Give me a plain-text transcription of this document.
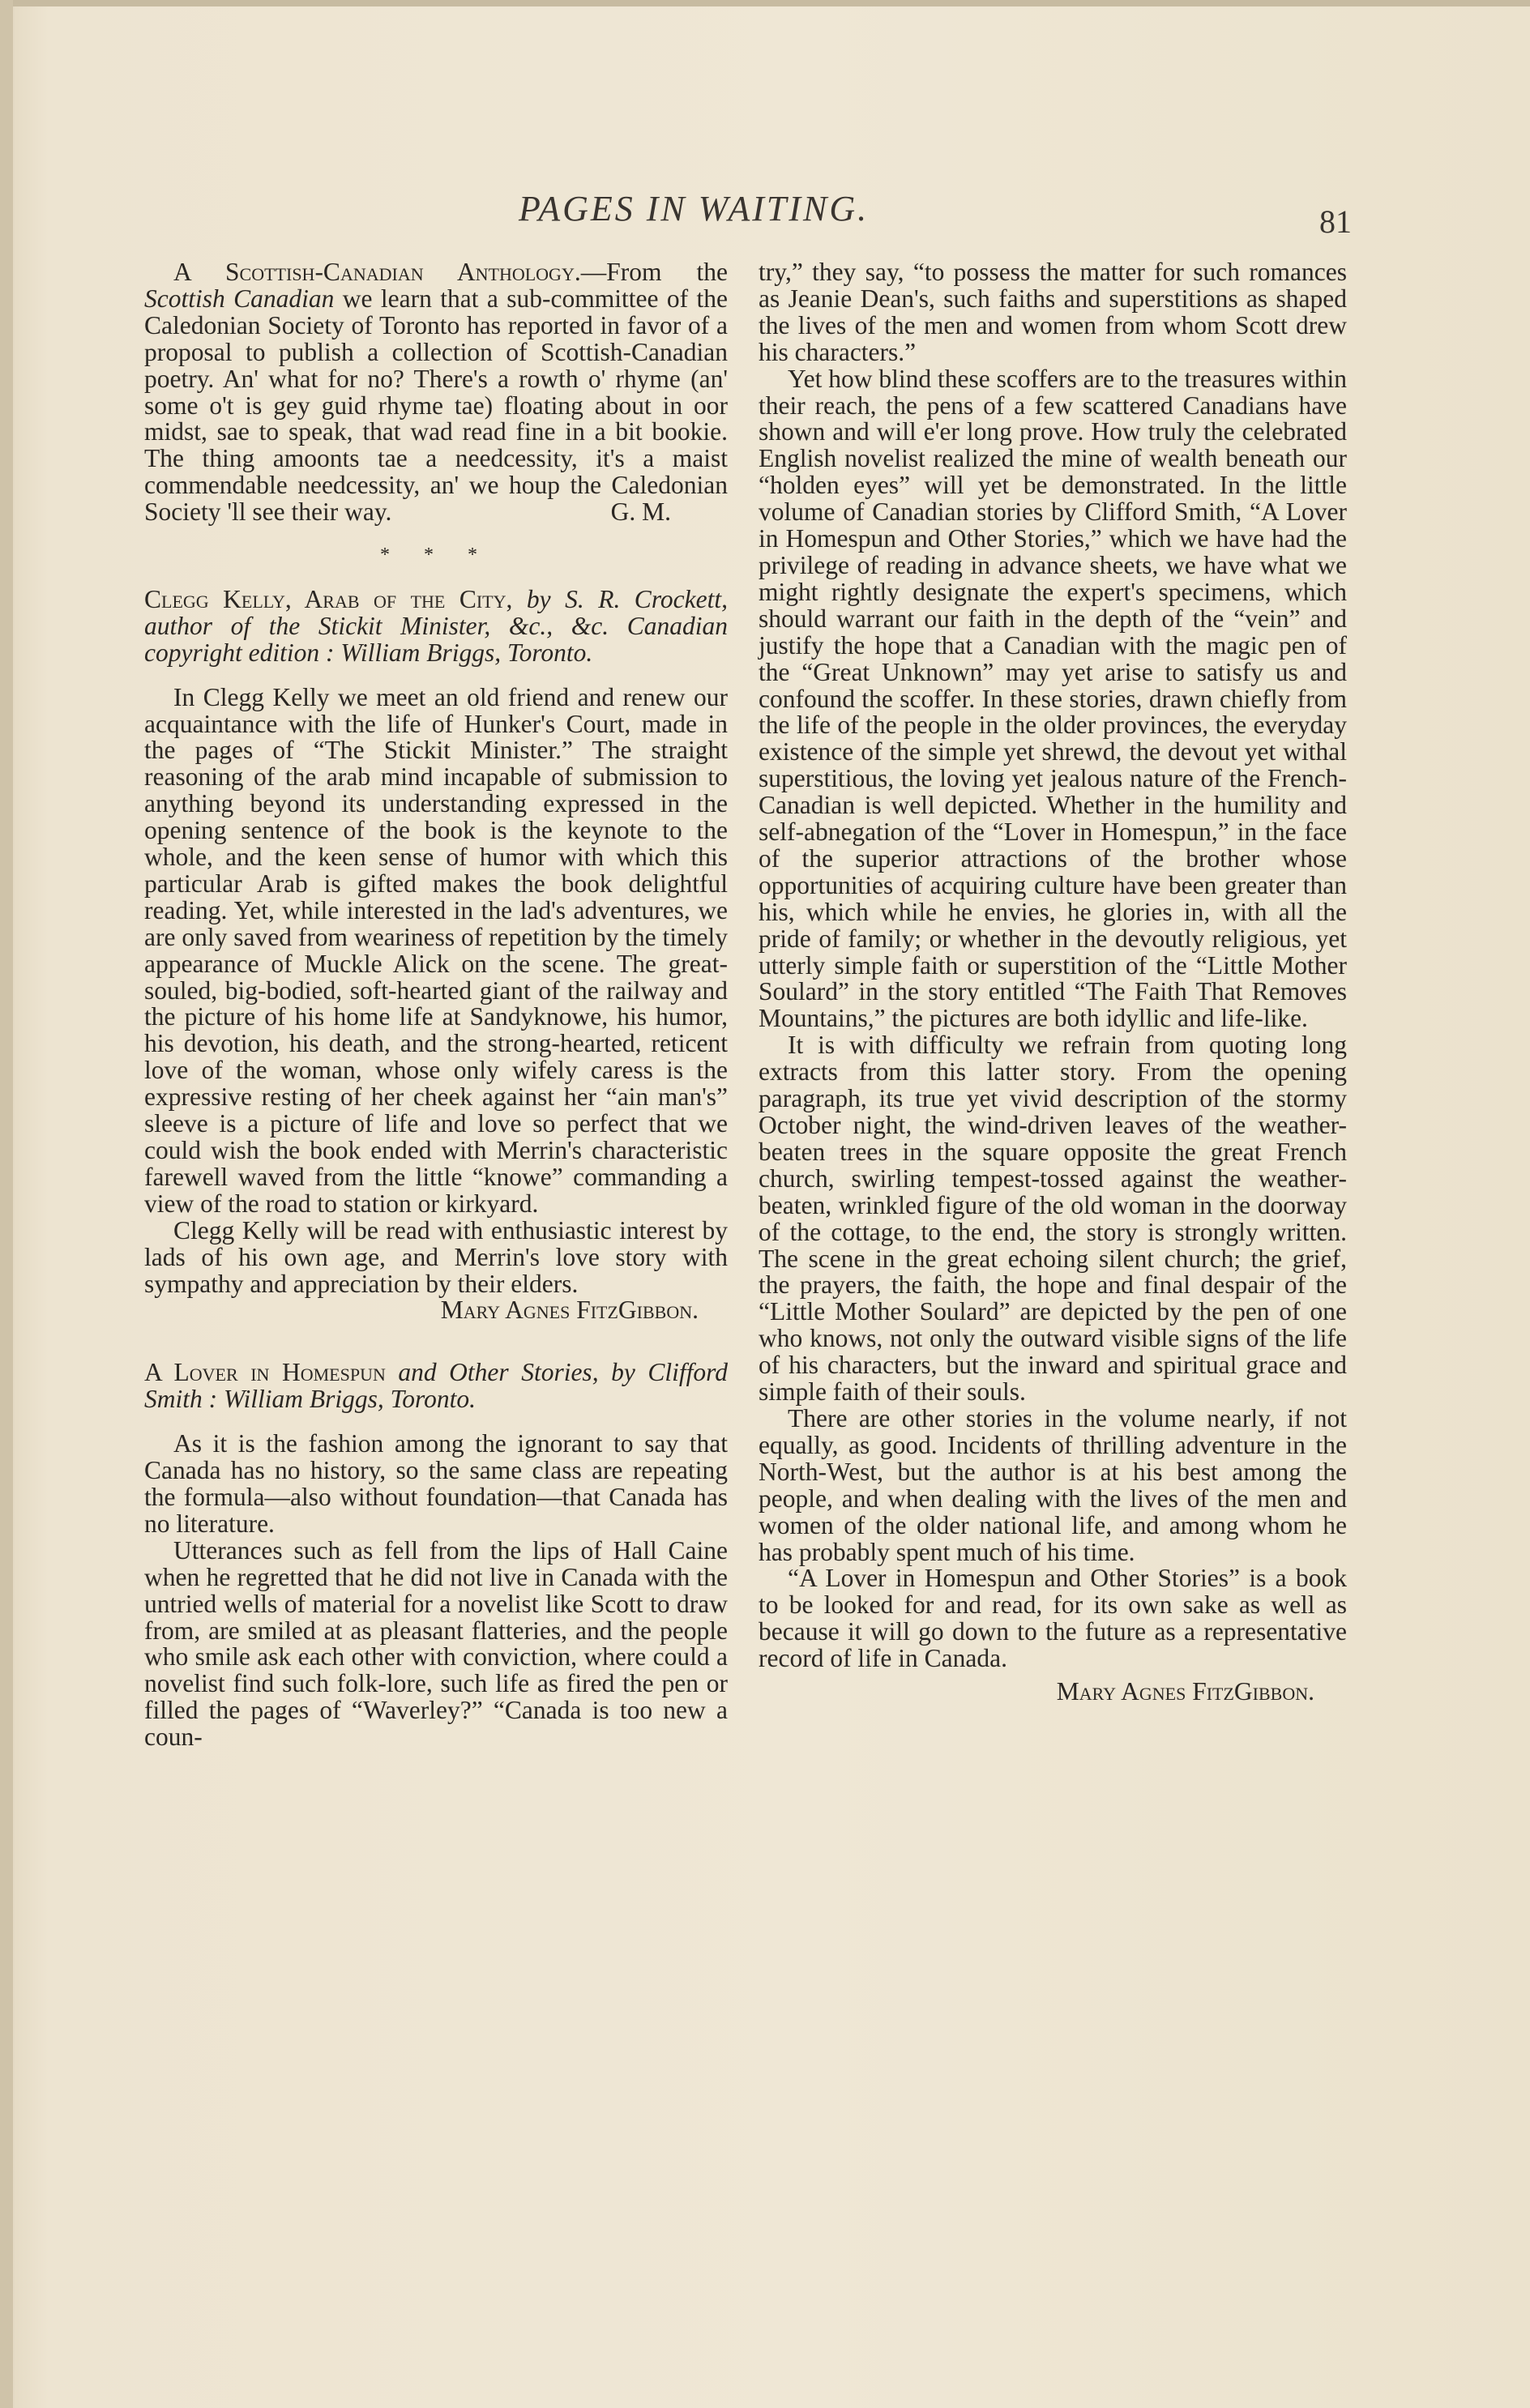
PAGES IN WAITING.	81

A Scottish-Canadian Anthology.—From the Scottish Canadian we learn that a sub-committee of the Caledonian Society of Toronto has reported in favor of a proposal to publish a collection of Scottish-Canadian poetry. An' what for no? There's a rowth o' rhyme (an' some o't is gey guid rhyme tae) floating about in oor midst, sae to speak, that wad read fine in a bit bookie. The thing amoonts tae a needcessity, it's a maist commendable needcessity, an' we houp the Caledonian Society 'll see their way.	G. M.

* * *

Clegg Kelly, Arab of the City, by S. R. Crockett, author of the Stickit Minister, &c., &c. Canadian copyright edition : William Briggs, Toronto.

In Clegg Kelly we meet an old friend and renew our acquaintance with the life of Hunker's Court, made in the pages of “The Stickit Minister.” The straight reasoning of the arab mind incapable of submission to anything beyond its understanding expressed in the opening sentence of the book is the keynote to the whole, and the keen sense of humor with which this particular Arab is gifted makes the book delightful reading. Yet, while interested in the lad's adventures, we are only saved from weariness of repetition by the timely appearance of Muckle Alick on the scene. The great-souled, big-bodied, soft-hearted giant of the railway and the picture of his home life at Sandyknowe, his humor, his devotion, his death, and the strong-hearted, reticent love of the woman, whose only wifely caress is the expressive resting of her cheek against her “ain man's” sleeve is a picture of life and love so perfect that we could wish the book ended with Merrin's characteristic farewell waved from the little “knowe” commanding a view of the road to station or kirkyard.

Clegg Kelly will be read with enthusiastic interest by lads of his own age, and Merrin's love story with sympathy and appreciation by their elders.

Mary Agnes FitzGibbon.

A Lover in Homespun and Other Stories, by Clifford Smith : William Briggs, Toronto.

As it is the fashion among the ignorant to say that Canada has no history, so the same class are repeating the formula—also without foundation—that Canada has no literature.

Utterances such as fell from the lips of Hall Caine when he regretted that he did not live in Canada with the untried wells of material for a novelist like Scott to draw from, are smiled at as pleasant flatteries, and the people who smile ask each other with conviction, where could a novelist find such folk-lore, such life as fired the pen or filled the pages of “Waverley?” “Canada is too new a coun-

try,” they say, “to possess the matter for such romances as Jeanie Dean's, such faiths and superstitions as shaped the lives of the men and women from whom Scott drew his characters.”

Yet how blind these scoffers are to the treasures within their reach, the pens of a few scattered Canadians have shown and will e'er long prove. How truly the celebrated English novelist realized the mine of wealth beneath our “holden eyes” will yet be demonstrated. In the little volume of Canadian stories by Clifford Smith, “A Lover in Homespun and Other Stories,” which we have had the privilege of reading in advance sheets, we have what we might rightly designate the expert's specimens, which should warrant our faith in the depth of the “vein” and justify the hope that a Canadian with the magic pen of the “Great Unknown” may yet arise to satisfy us and confound the scoffer. In these stories, drawn chiefly from the life of the people in the older provinces, the everyday existence of the simple yet shrewd, the devout yet withal superstitious, the loving yet jealous nature of the French-Canadian is well depicted. Whether in the humility and self-abnegation of the “Lover in Homespun,” in the face of the superior attractions of the brother whose opportunities of acquiring culture have been greater than his, which while he envies, he glories in, with all the pride of family; or whether in the devoutly religious, yet utterly simple faith or superstition of the “Little Mother Soulard” in the story entitled “The Faith That Removes Mountains,” the pictures are both idyllic and life-like.

It is with difficulty we refrain from quoting long extracts from this latter story. From the opening paragraph, its true yet vivid description of the stormy October night, the wind-driven leaves of the weather-beaten trees in the square opposite the great French church, swirling tempest-tossed against the weather-beaten, wrinkled figure of the old woman in the doorway of the cottage, to the end, the story is strongly written. The scene in the great echoing silent church; the grief, the prayers, the faith, the hope and final despair of the “Little Mother Soulard” are depicted by the pen of one who knows, not only the outward visible signs of the life of his characters, but the inward and spiritual grace and simple faith of their souls.

There are other stories in the volume nearly, if not equally, as good. Incidents of thrilling adventure in the North-West, but the author is at his best among the people, and when dealing with the lives of the men and women of the older national life, and among whom he has probably spent much of his time.

“A Lover in Homespun and Other Stories” is a book to be looked for and read, for its own sake as well as because it will go down to the future as a representative record of life in Canada.

Mary Agnes FitzGibbon.
